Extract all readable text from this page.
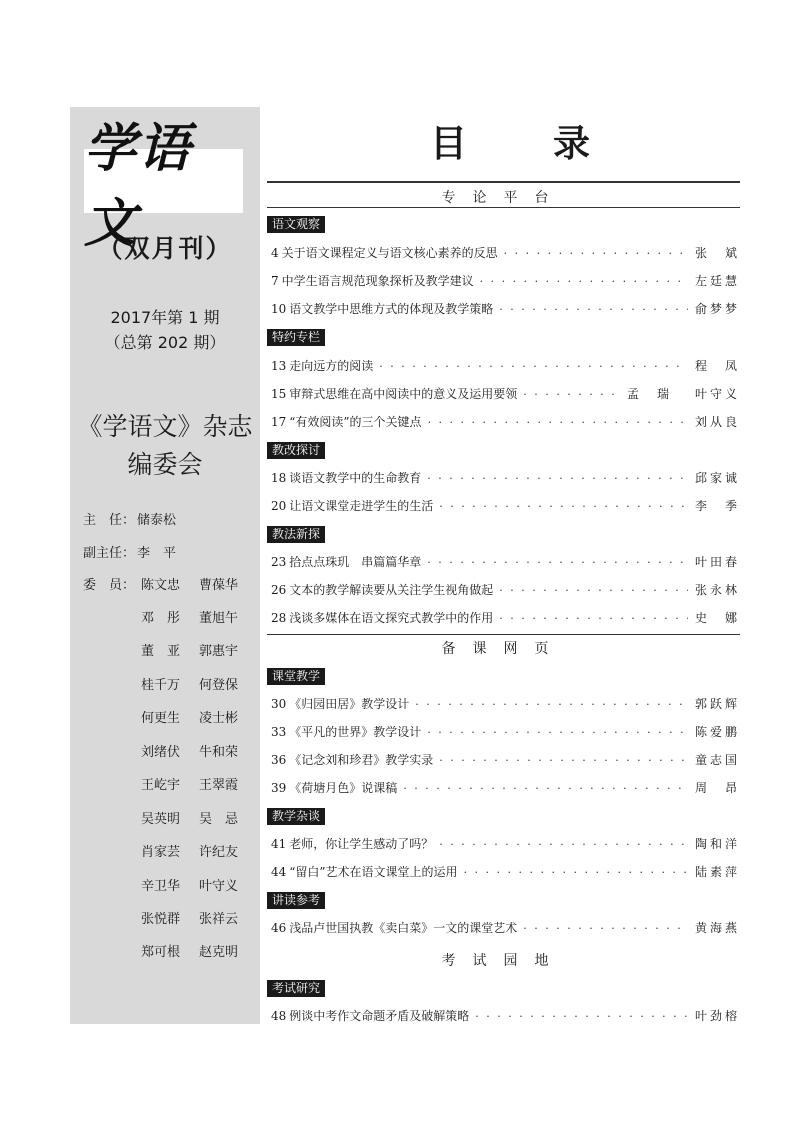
学语文
（双月刊）
2017年第 1 期
（总第 202 期）
《学语文》杂志
编委会
主　任： 储泰松
副主任： 李　平
委　员： 陈文忠 曹葆华
邓　彤 董旭午
董　亚 郭惠宇
桂千万 何登保
何更生 凌士彬
刘绪伏 牛和荣
王屹宇 王翠霞
吴英明 吴　忌
肖家芸 许纪友
辛卫华 叶守义
张悦群 张祥云
郑可根 赵克明
目 录
专论平台
语文观察
4 关于语文课程定义与语文核心素养的反思 · · ·	张　斌
7 中学生语言规范现象探析及教学建议 · · ·	左廷慧
10 语文教学中思维方式的体现及教学策略 · · ·	俞梦梦
特约专栏
13 走向远方的阅读 · · ·	程　凤
15 审辩式思维在高中阅读中的意义及运用要领 · · ·	孟　瑞 叶守义
17 “有效阅读”的三个关键点 · · ·	刘从良
教改探讨
18 谈语文教学中的生命教育 · · ·	邱家诚
20 让语文课堂走进学生的生活 · · ·	李　季
教法新探
23 拾点点珠玑　串篇篇华章 · · ·	叶田春
26 文本的教学解读要从关注学生视角做起 · · ·	张永林
28 浅谈多媒体在语文探究式教学中的作用 · · ·	史　娜
备课网页
课堂教学
30 《归园田居》教学设计 · · ·	郭跃辉
33 《平凡的世界》教学设计 · · ·	陈爱鹏
36 《记念刘和珍君》教学实录 · · ·	童志国
39 《荷塘月色》说课稿 · · ·	周　昂
教学杂谈
41 老师，你让学生感动了吗？ · · ·	陶和洋
44 “留白”艺术在语文课堂上的运用 · · ·	陆素萍
讲读参考
46 浅品卢世国执教《卖白菜》一文的课堂艺术 · · ·	黄海燕
考试园地
考试研究
48 例谈中考作文命题矛盾及破解策略 · · ·	叶劲榕
